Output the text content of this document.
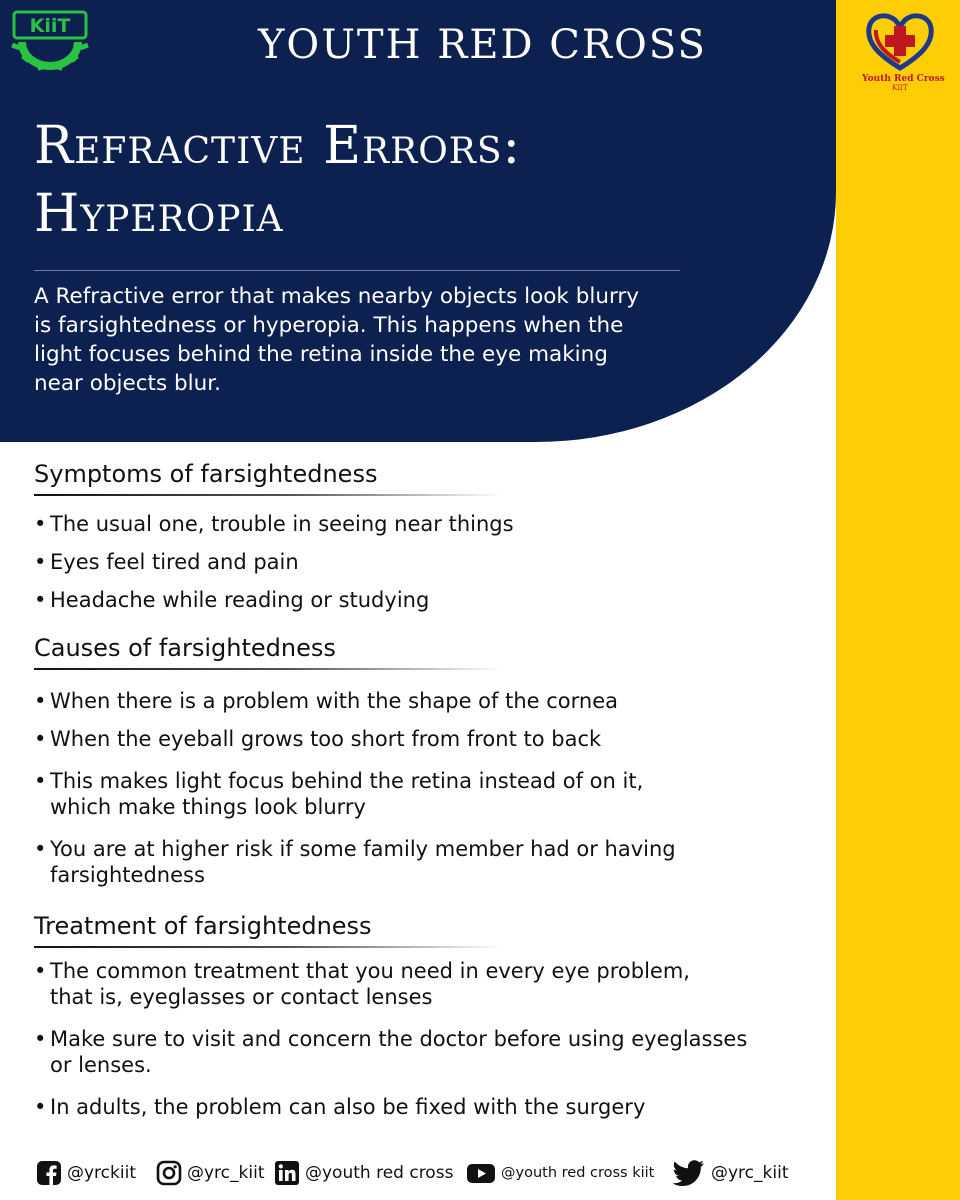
KiiT	YOUTH RED CROSS
Refractive Errors:
Hyperopia
A Refractive error that makes nearby objects look blurry
is farsightedness or hyperopia. This happens when the
light focuses behind the retina inside the eye making
near objects blur.
Youth Red Cross
KIIT
Symptoms of farsightedness
• The usual one, trouble in seeing near things
• Eyes feel tired and pain
• Headache while reading or studying
Causes of farsightedness
• When there is a problem with the shape of the cornea
• When the eyeball grows too short from front to back
• This makes light focus behind the retina instead of on it,
which make things look blurry
• You are at higher risk if some family member had or having
farsightedness
Treatment of farsightedness
• The common treatment that you need in every eye problem,
that is, eyeglasses or contact lenses
• Make sure to visit and concern the doctor before using eyeglasses
or lenses.
• In adults, the problem can also be fixed with the surgery
@yrckiit	@yrc_kiit @youth red cross	@youth red cross kiit	@yrc_kiit
